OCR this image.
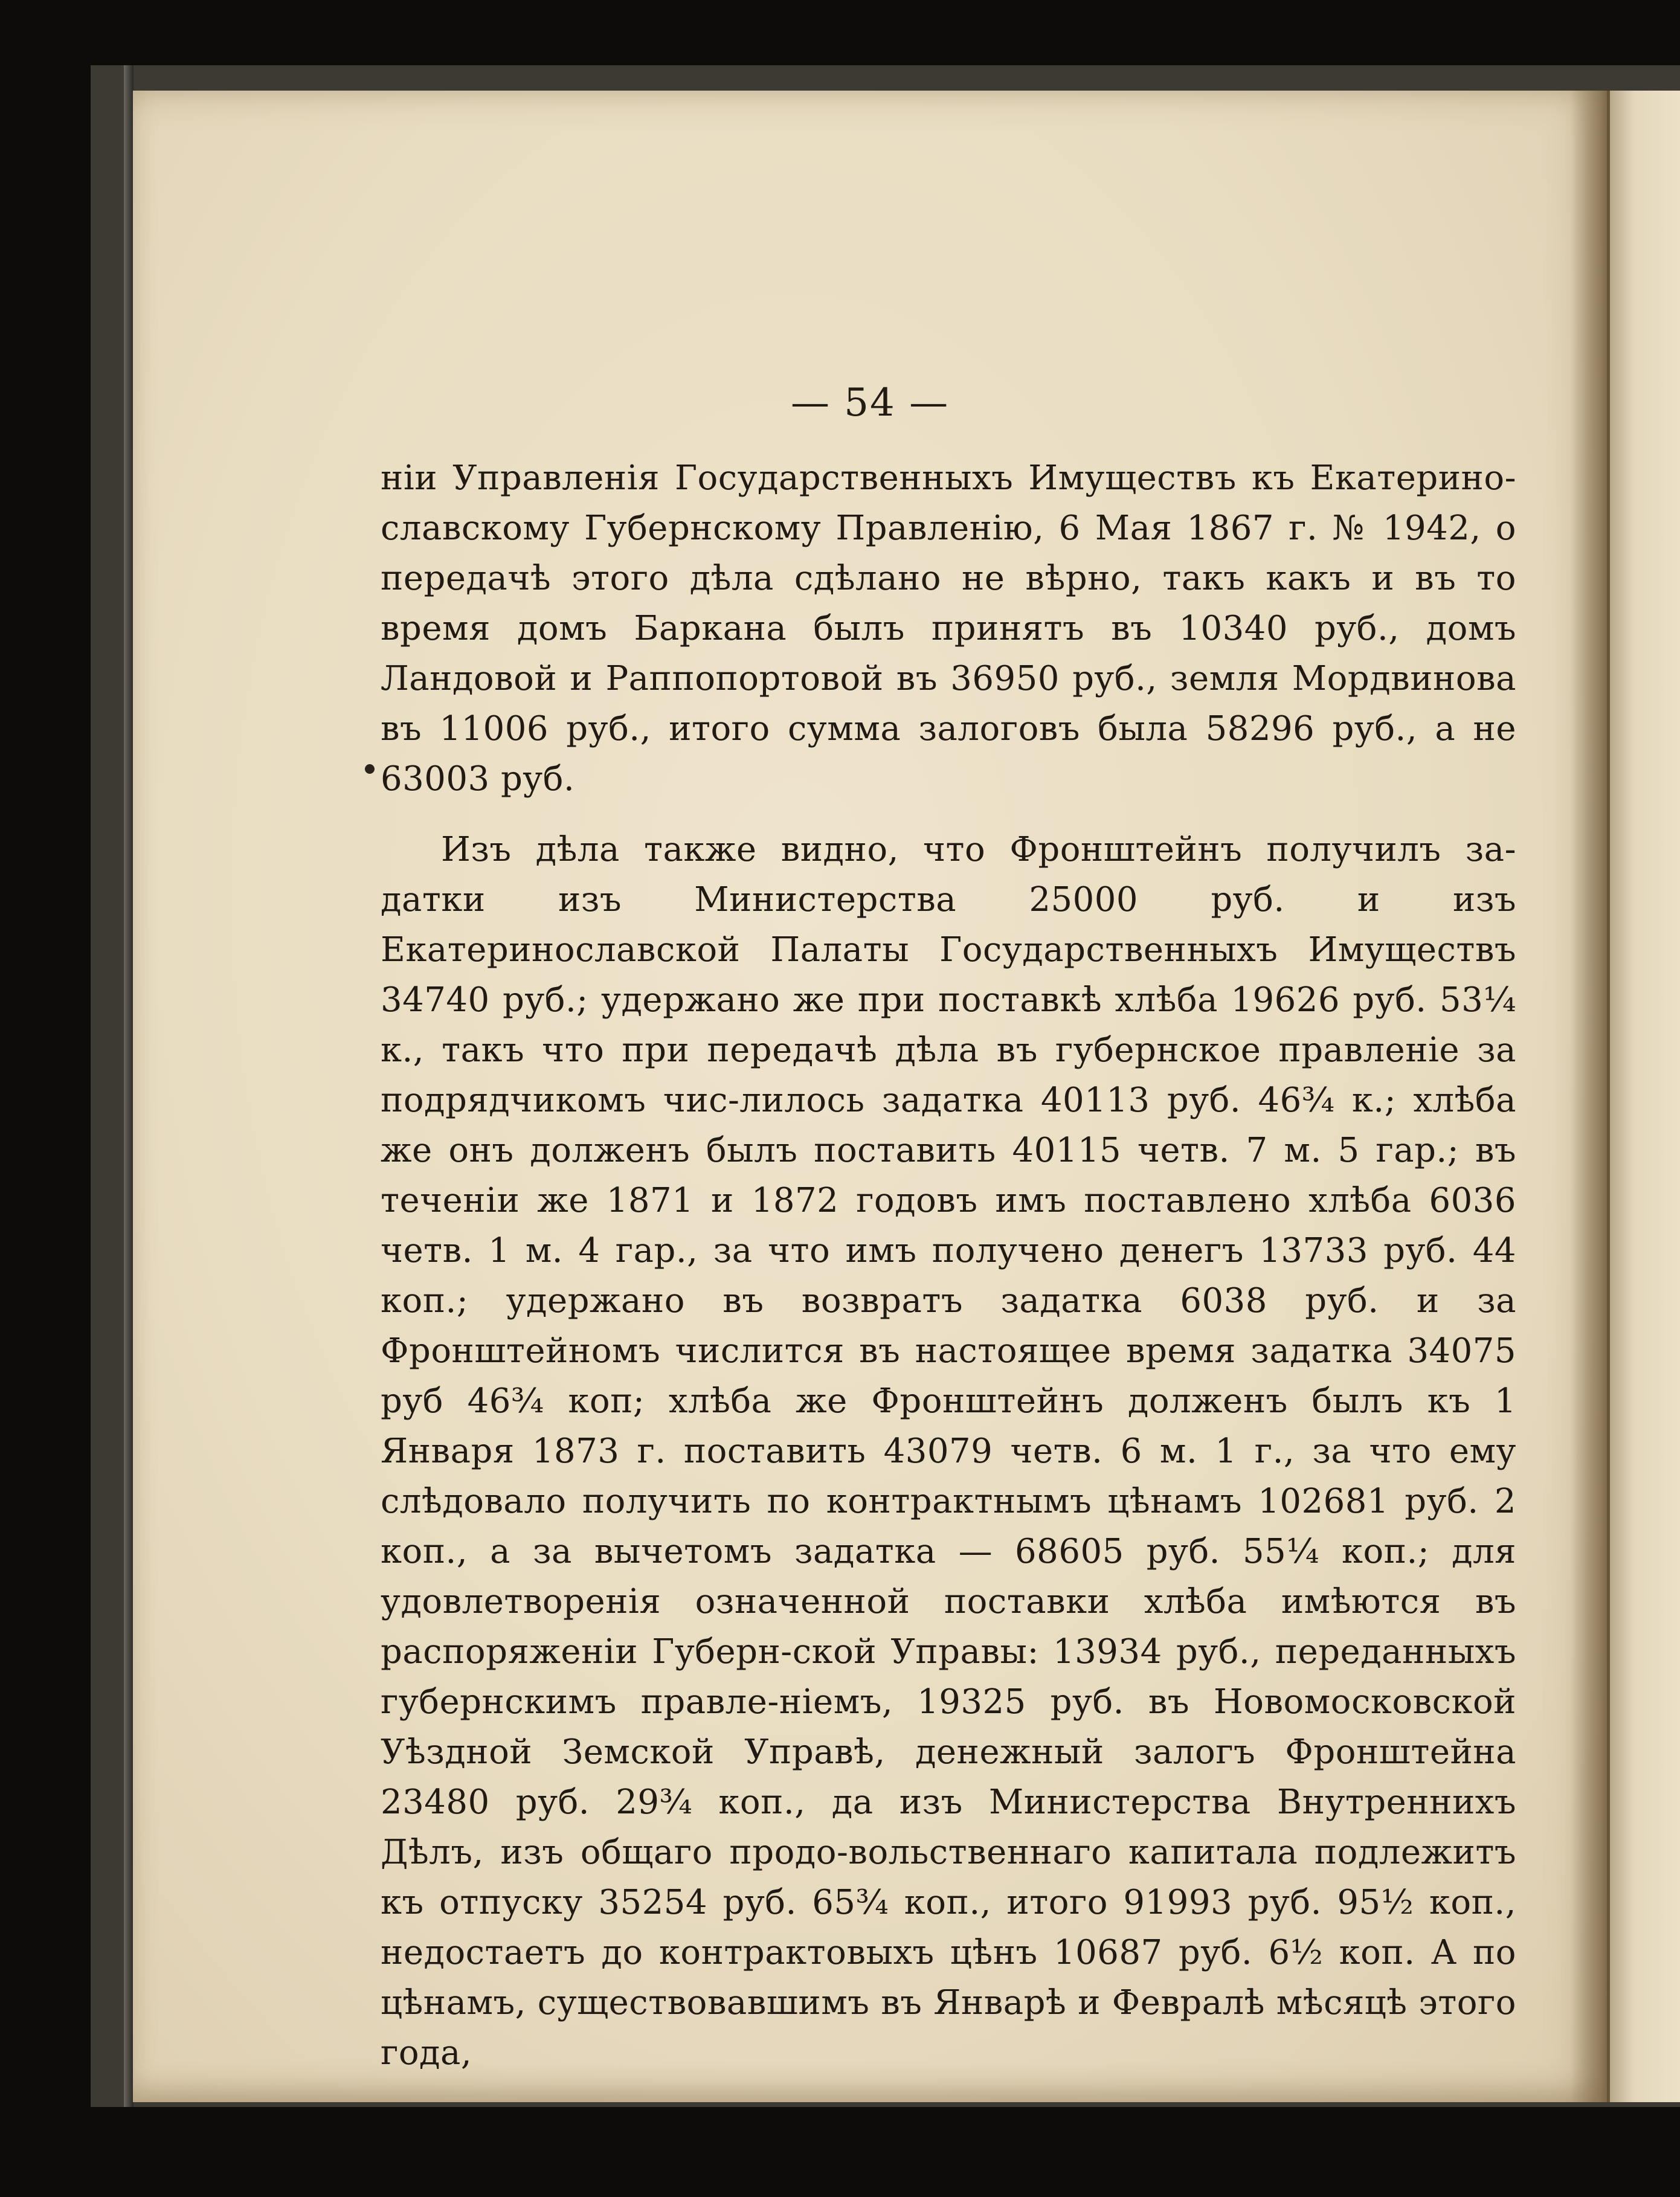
— 54 —

нiи Управленiя Государственныхъ Имуществъ къ Екатерино-славскому Губернскому Правленiю, 6 Мая 1867 г. № 1942, о передачѣ этого дѣла сдѣлано не вѣрно, такъ какъ и въ то время домъ Баркана былъ принятъ въ 10340 руб., домъ Ландовой и Раппопортовой въ 36950 руб., земля Мордвинова въ 11006 руб., итого сумма залоговъ была 58296 руб., а не 63003 руб.

Изъ дѣла также видно, что Фронштейнъ получилъ за-датки изъ Министерства 25000 руб. и изъ Екатеринославской Палаты Государственныхъ Имуществъ 34740 руб.; удержано же при поставкѣ хлѣба 19626 руб. 53¼ к., такъ что при передачѣ дѣла въ губернское правленiе за подрядчикомъ чис-лилось задатка 40113 руб. 46¾ к.; хлѣба же онъ долженъ былъ поставить 40115 четв. 7 м. 5 гар.; въ теченiи же 1871 и 1872 годовъ имъ поставлено хлѣба 6036 четв. 1 м. 4 гар., за что имъ получено денегъ 13733 руб. 44 коп.; удержано въ возвратъ задатка 6038 руб. и за Фронштейномъ числится въ настоящее время задатка 34075 руб 46¾ коп; хлѣба же Фронштейнъ долженъ былъ къ 1 Января 1873 г. поставить 43079 четв. 6 м. 1 г., за что ему слѣдовало получить по контрактнымъ цѣнамъ 102681 руб. 2 коп., а за вычетомъ задатка — 68605 руб. 55¼ коп.; для удовлетворенiя означенной поставки хлѣба имѣются въ распоряженiи Губерн-ской Управы: 13934 руб., переданныхъ губернскимъ правле-нiемъ, 19325 руб. въ Новомосковской Уѣздной Земской Управѣ, денежный залогъ Фронштейна 23480 руб. 29¾ коп., да изъ Министерства Внутреннихъ Дѣлъ, изъ общаго продо-вольственнаго капитала подлежитъ къ отпуску 35254 руб. 65¾ коп., итого 91993 руб. 95½ коп., недостаетъ до контрактовыхъ цѣнъ 10687 руб. 6½ коп. А по цѣнамъ, существовавшимъ въ Январѣ и Февралѣ мѣсяцѣ этого года,
